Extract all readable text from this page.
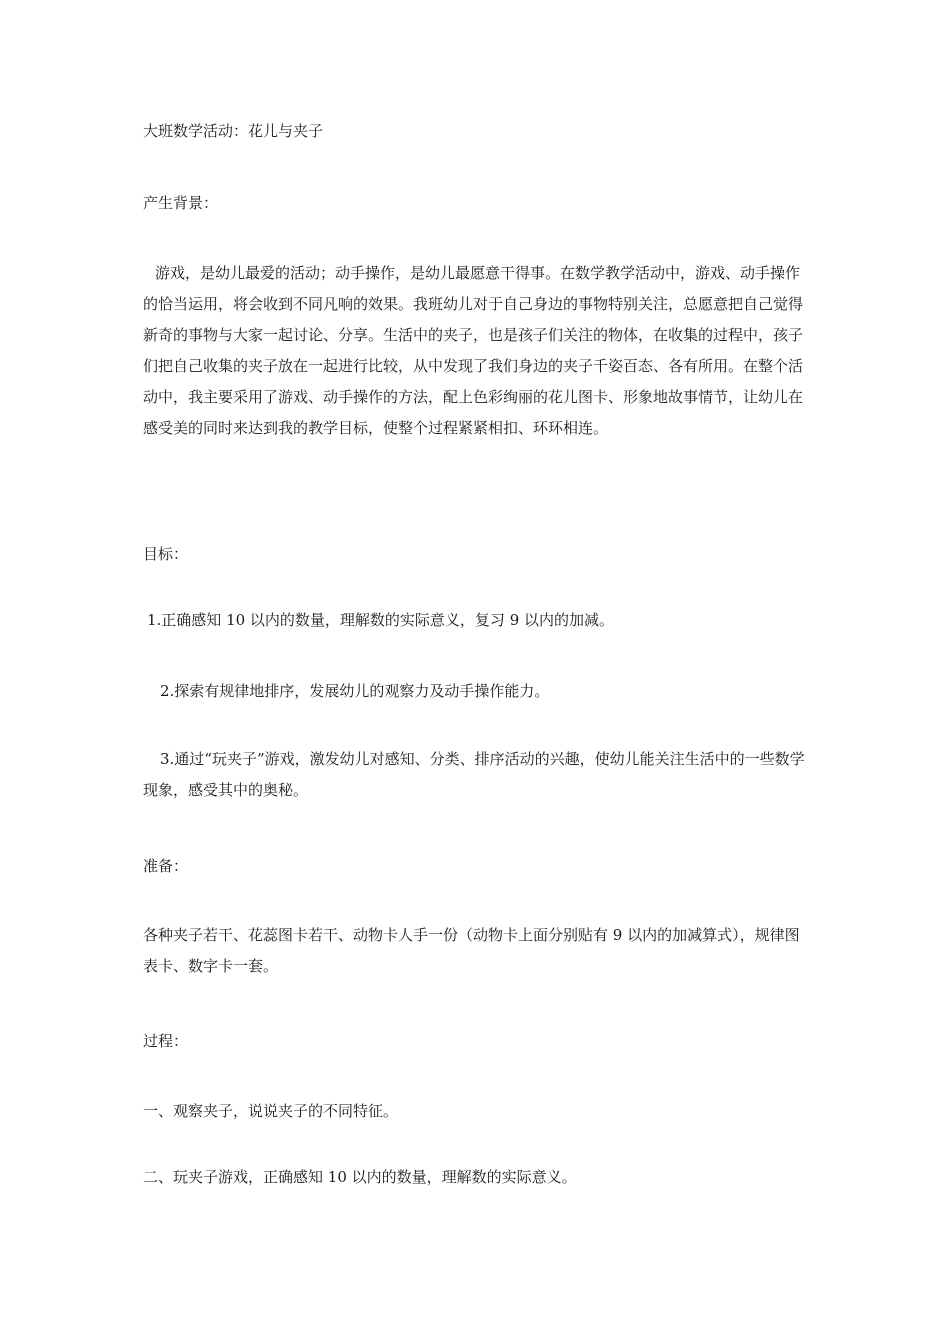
大班数学活动：花儿与夹子
产生背景：
游戏，是幼儿最爱的活动；动手操作，是幼儿最愿意干得事。在数学教学活动中，游戏、动手操作的恰当运用，将会收到不同凡响的效果。我班幼儿对于自己身边的事物特别关注，总愿意把自己觉得新奇的事物与大家一起讨论、分享。生活中的夹子，也是孩子们关注的物体，在收集的过程中，孩子们把自己收集的夹子放在一起进行比较，从中发现了我们身边的夹子千姿百态、各有所用。在整个活动中，我主要采用了游戏、动手操作的方法，配上色彩绚丽的花儿图卡、形象地故事情节，让幼儿在感受美的同时来达到我的教学目标，使整个过程紧紧相扣、环环相连。
目标：
1.正确感知 10 以内的数量，理解数的实际意义，复习 9 以内的加减。
2.探索有规律地排序，发展幼儿的观察力及动手操作能力。
3.通过“玩夹子”游戏，激发幼儿对感知、分类、排序活动的兴趣，使幼儿能关注生活中的一些数学现象，感受其中的奥秘。
准备：
各种夹子若干、花蕊图卡若干、动物卡人手一份（动物卡上面分别贴有 9 以内的加减算式），规律图表卡、数字卡一套。
过程：
一、观察夹子，说说夹子的不同特征。
二、玩夹子游戏，正确感知 10 以内的数量，理解数的实际意义。
